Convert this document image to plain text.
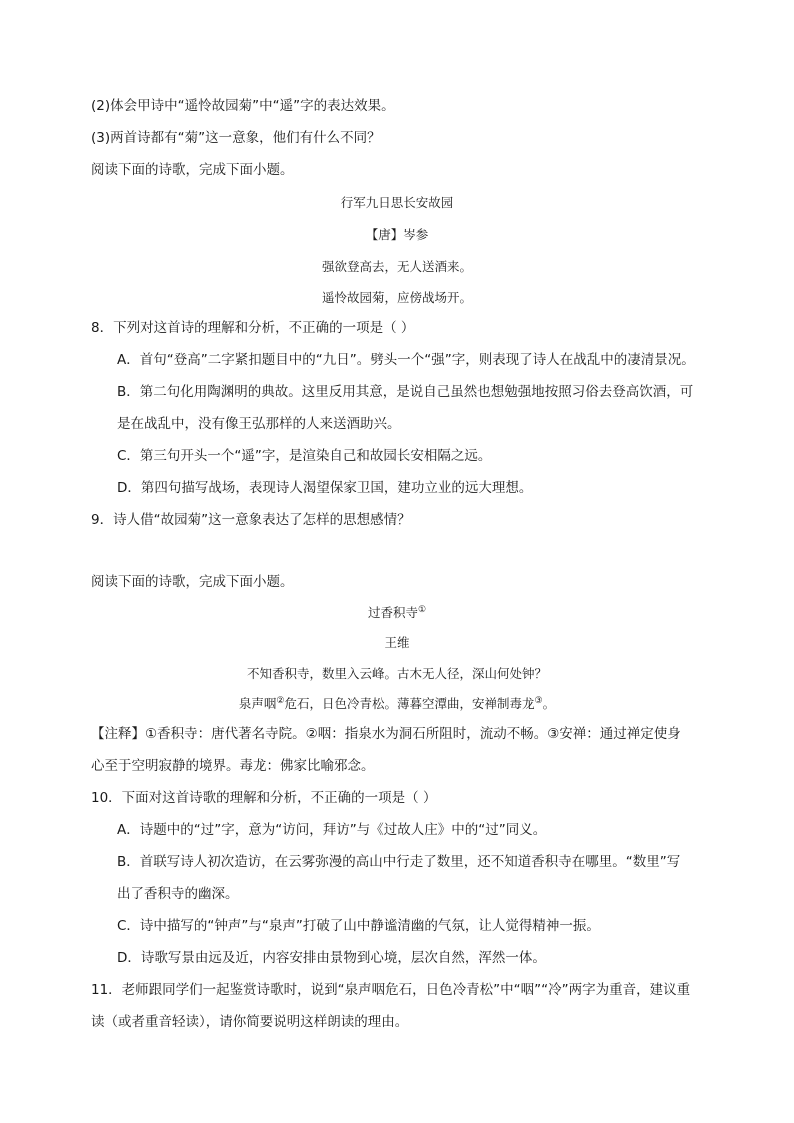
(2)体会甲诗中“遥怜故园菊”中“遥”字的表达效果。
(3)两首诗都有“菊”这一意象，他们有什么不同？
阅读下面的诗歌，完成下面小题。
行军九日思长安故园
【唐】岑参
强欲登高去，无人送酒来。
遥怜故园菊，应傍战场开。
8．下列对这首诗的理解和分析，不正确的一项是（ ）
A．首句“登高”二字紧扣题目中的“九日”。劈头一个“强”字，则表现了诗人在战乱中的凄清景况。
B．第二句化用陶渊明的典故。这里反用其意，是说自己虽然也想勉强地按照习俗去登高饮酒，可
是在战乱中，没有像王弘那样的人来送酒助兴。
C．第三句开头一个“遥”字，是渲染自己和故园长安相隔之远。
D．第四句描写战场，表现诗人渴望保家卫国，建功立业的远大理想。
9．诗人借“故园菊”这一意象表达了怎样的思想感情？
阅读下面的诗歌，完成下面小题。
过香积寺①
王维
不知香积寺，数里入云峰。古木无人径，深山何处钟？
泉声咽②危石，日色冷青松。薄暮空潭曲，安禅制毒龙③。
【注释】①香积寺：唐代著名寺院。②咽：指泉水为洞石所阻时，流动不畅。③安禅：通过禅定使身
心至于空明寂静的境界。毒龙：佛家比喻邪念。
10．下面对这首诗歌的理解和分析，不正确的一项是（ ）
A．诗题中的“过”字，意为“访问，拜访”与《过故人庄》中的“过”同义。
B．首联写诗人初次造访，在云雾弥漫的高山中行走了数里，还不知道香积寺在哪里。“数里”写
出了香积寺的幽深。
C．诗中描写的“钟声”与“泉声”打破了山中静谧清幽的气氛，让人觉得精神一振。
D．诗歌写景由远及近，内容安排由景物到心境，层次自然，浑然一体。
11．老师跟同学们一起鉴赏诗歌时，说到“泉声咽危石，日色冷青松”中“咽”“冷”两字为重音，建议重
读（或者重音轻读），请你简要说明这样朗读的理由。
